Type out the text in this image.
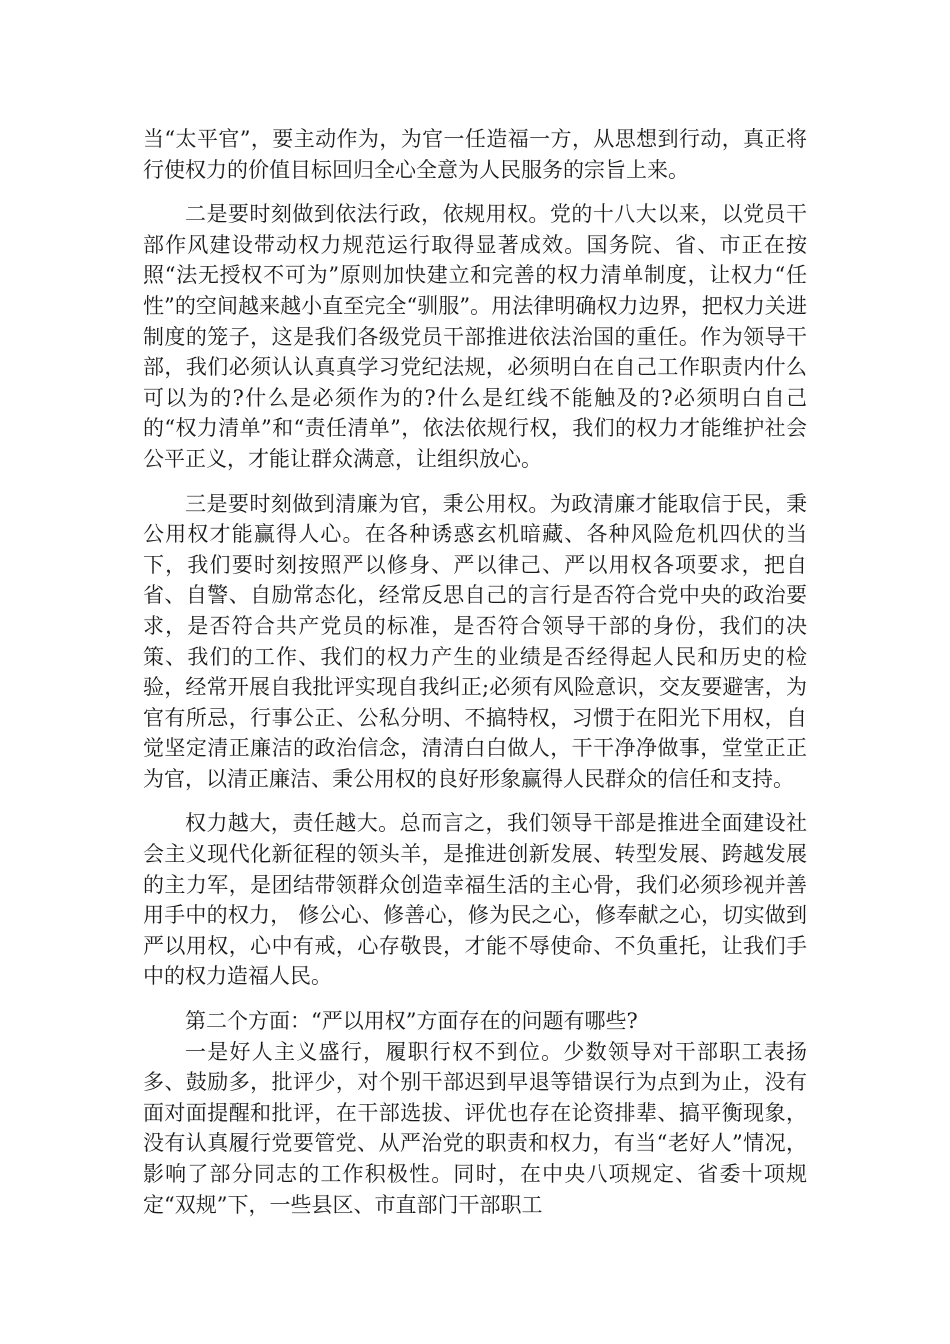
当“太平官”，要主动作为，为官一任造福一方，从思想到行动，真正将行使权力的价值目标回归全心全意为人民服务的宗旨上来。

二是要时刻做到依法行政，依规用权。党的十八大以来，以党员干部作风建设带动权力规范运行取得显著成效。国务院、省、市正在按照“法无授权不可为”原则加快建立和完善的权力清单制度，让权力“任性”的空间越来越小直至完全“驯服”。用法律明确权力边界，把权力关进制度的笼子，这是我们各级党员干部推进依法治国的重任。作为领导干部，我们必须认认真真学习党纪法规，必须明白在自己工作职责内什么可以为的?什么是必须作为的?什么是红线不能触及的?必须明白自己的“权力清单”和“责任清单”，依法依规行权，我们的权力才能维护社会公平正义，才能让群众满意，让组织放心。

三是要时刻做到清廉为官，秉公用权。为政清廉才能取信于民，秉公用权才能赢得人心。在各种诱惑玄机暗藏、各种风险危机四伏的当下，我们要时刻按照严以修身、严以律己、严以用权各项要求，把自省、自警、自励常态化，经常反思自己的言行是否符合党中央的政治要求，是否符合共产党员的标准，是否符合领导干部的身份，我们的决策、我们的工作、我们的权力产生的业绩是否经得起人民和历史的检验，经常开展自我批评实现自我纠正;必须有风险意识，交友要避害，为官有所忌，行事公正、公私分明、不搞特权，习惯于在阳光下用权，自觉坚定清正廉洁的政治信念，清清白白做人，干干净净做事，堂堂正正为官，以清正廉洁、秉公用权的良好形象赢得人民群众的信任和支持。

权力越大，责任越大。总而言之，我们领导干部是推进全面建设社会主义现代化新征程的领头羊，是推进创新发展、转型发展、跨越发展的主力军，是团结带领群众创造幸福生活的主心骨，我们必须珍视并善用手中的权力， 修公心、修善心，修为民之心，修奉献之心，切实做到严以用权，心中有戒，心存敬畏，才能不辱使命、不负重托，让我们手中的权力造福人民。

第二个方面：“严以用权”方面存在的问题有哪些?

一是好人主义盛行，履职行权不到位。少数领导对干部职工表扬多、鼓励多，批评少，对个别干部迟到早退等错误行为点到为止，没有面对面提醒和批评，在干部选拔、评优也存在论资排辈、搞平衡现象，没有认真履行党要管党、从严治党的职责和权力，有当“老好人”情况，影响了部分同志的工作积极性。同时，在中央八项规定、省委十项规定“双规”下，一些县区、市直部门干部职工
